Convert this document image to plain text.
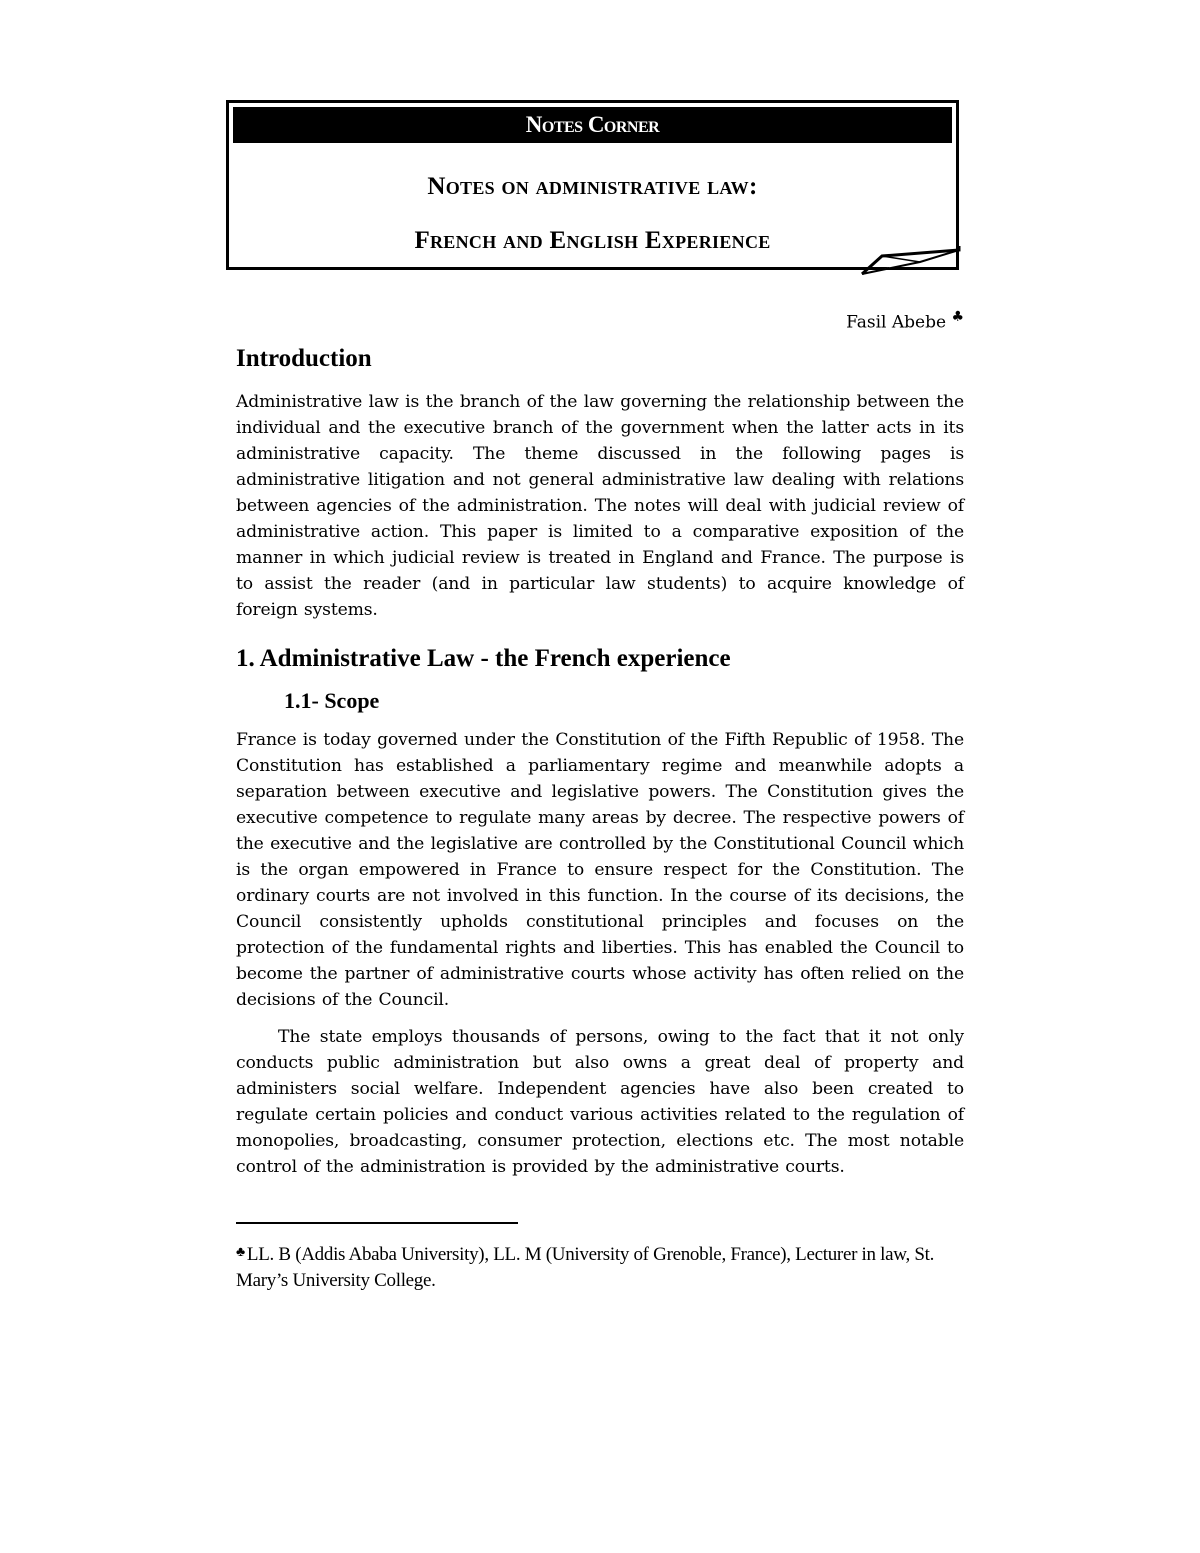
Notes Corner
Notes on administrative law:
French and English Experience
Fasil Abebe ♣
Introduction
Administrative law is the branch of the law governing the relationship between the individual and the executive branch of the government when the latter acts in its administrative capacity. The theme discussed in the following pages is administrative litigation and not general administrative law dealing with relations between agencies of the administration. The notes will deal with judicial review of administrative action. This paper is limited to a comparative exposition of the manner in which judicial review is treated in England and France. The purpose is to assist the reader (and in particular law students) to acquire knowledge of foreign systems.
1. Administrative Law - the French experience
1.1- Scope
France is today governed under the Constitution of the Fifth Republic of 1958. The Constitution has established a parliamentary regime and meanwhile adopts a separation between executive and legislative powers. The Constitution gives the executive competence to regulate many areas by decree. The respective powers of the executive and the legislative are controlled by the Constitutional Council which is the organ empowered in France to ensure respect for the Constitution. The ordinary courts are not involved in this function. In the course of its decisions, the Council consistently upholds constitutional principles and focuses on the protection of the fundamental rights and liberties. This has enabled the Council to become the partner of administrative courts whose activity has often relied on the decisions of the Council.
The state employs thousands of persons, owing to the fact that it not only conducts public administration but also owns a great deal of property and administers social welfare. Independent agencies have also been created to regulate certain policies and conduct various activities related to the regulation of monopolies, broadcasting, consumer protection, elections etc. The most notable control of the administration is provided by the administrative courts.
♣ LL. B (Addis Ababa University), LL. M (University of Grenoble, France), Lecturer in law, St. Mary’s University College.
